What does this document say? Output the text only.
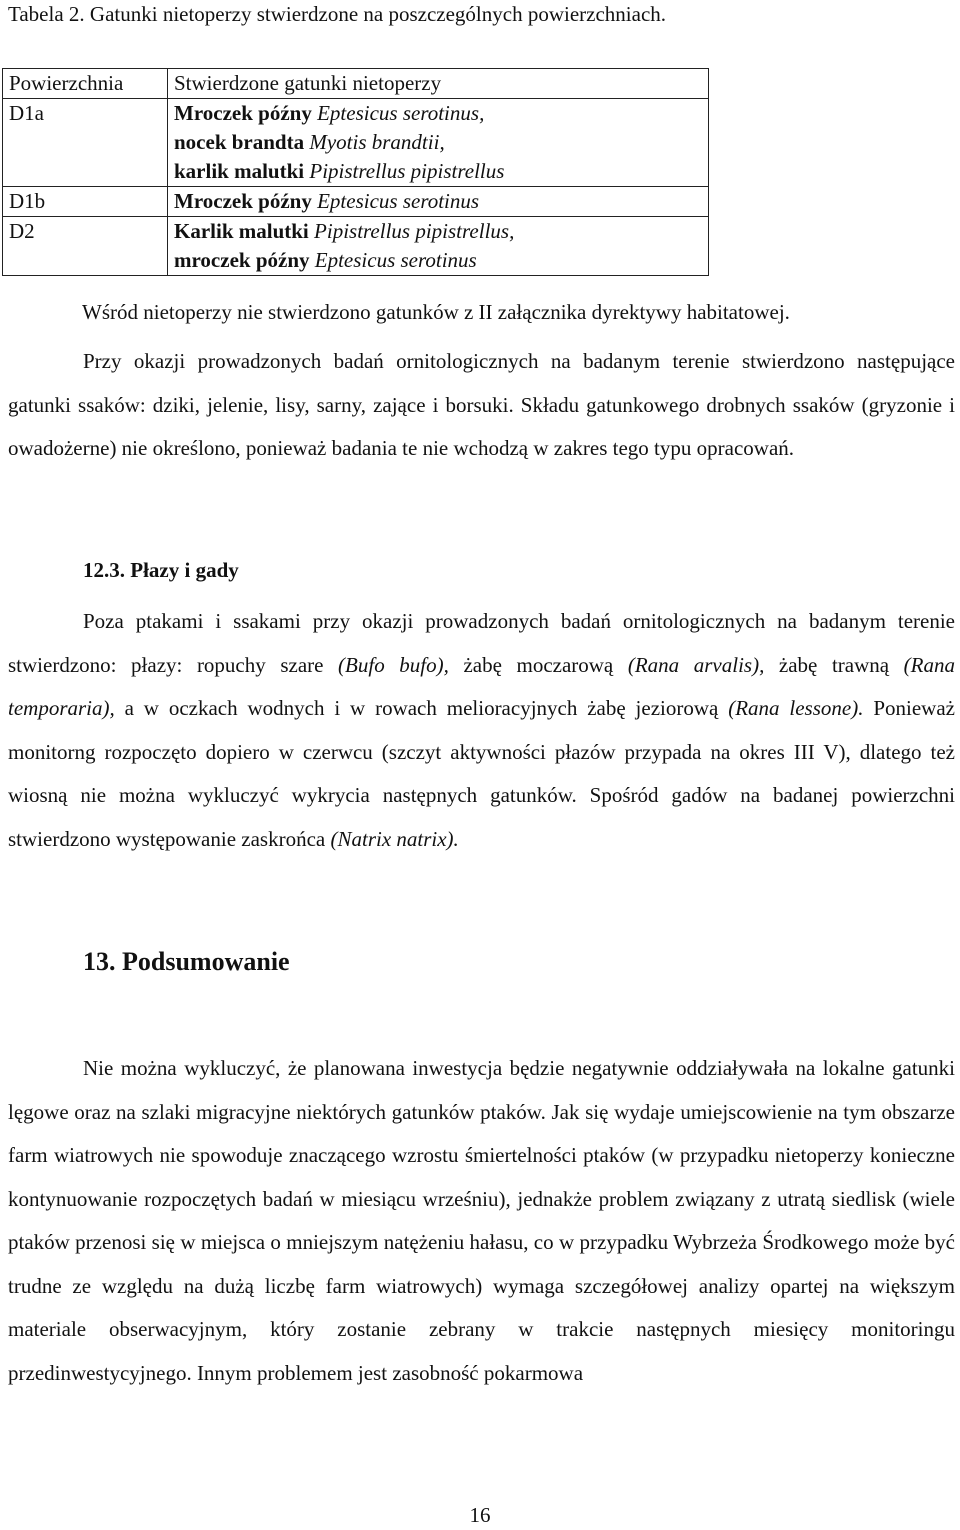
Tabela 2. Gatunki nietoperzy stwierdzone na poszczególnych powierzchniach.
Powierzchnia	Stwierdzone gatunki nietoperzy
D1a	Mroczek późny Eptesicus serotinus,
nocek brandta Myotis brandtii,
karlik malutki Pipistrellus pipistrellus

D1b	Mroczek późny Eptesicus serotinus

D2	Karlik malutki Pipistrellus pipistrellus,
mroczek późny Eptesicus serotinus
Wśród nietoperzy nie stwierdzono gatunków z II załącznika dyrektywy habitatowej.
Przy okazji prowadzonych badań ornitologicznych na badanym terenie stwierdzono następujące gatunki ssaków: dziki, jelenie, lisy, sarny, zające i borsuki. Składu gatunkowego drobnych ssaków (gryzonie i owadożerne) nie określono, ponieważ badania te nie wchodzą w zakres tego typu opracowań.
12.3. Płazy i gady
Poza ptakami i ssakami przy okazji prowadzonych badań ornitologicznych na badanym terenie stwierdzono: płazy: ropuchy szare (Bufo bufo), żabę moczarową (Rana arvalis), żabę trawną (Rana temporaria), a w oczkach wodnych i w rowach melioracyjnych żabę jeziorową (Rana lessone). Ponieważ monitorng rozpoczęto dopiero w czerwcu (szczyt aktywności płazów przypada na okres III V), dlatego też wiosną nie można wykluczyć wykrycia następnych gatunków. Spośród gadów na badanej powierzchni stwierdzono występowanie zaskrońca (Natrix natrix).
13. Podsumowanie
Nie można wykluczyć, że planowana inwestycja będzie negatywnie oddziaływała na lokalne gatunki lęgowe oraz na szlaki migracyjne niektórych gatunków ptaków. Jak się wydaje umiejscowienie na tym obszarze farm wiatrowych nie spowoduje znaczącego wzrostu śmiertelności ptaków (w przypadku nietoperzy konieczne kontynuowanie rozpoczętych badań w miesiącu wrześniu), jednakże problem związany z utratą siedlisk (wiele ptaków przenosi się w miejsca o mniejszym natężeniu hałasu, co w przypadku Wybrzeża Środkowego może być trudne ze względu na dużą liczbę farm wiatrowych) wymaga szczegółowej analizy opartej na większym materiale obserwacyjnym, który zostanie zebrany w trakcie następnych miesięcy monitoringu przedinwestycyjnego. Innym problemem jest zasobność pokarmowa
16
